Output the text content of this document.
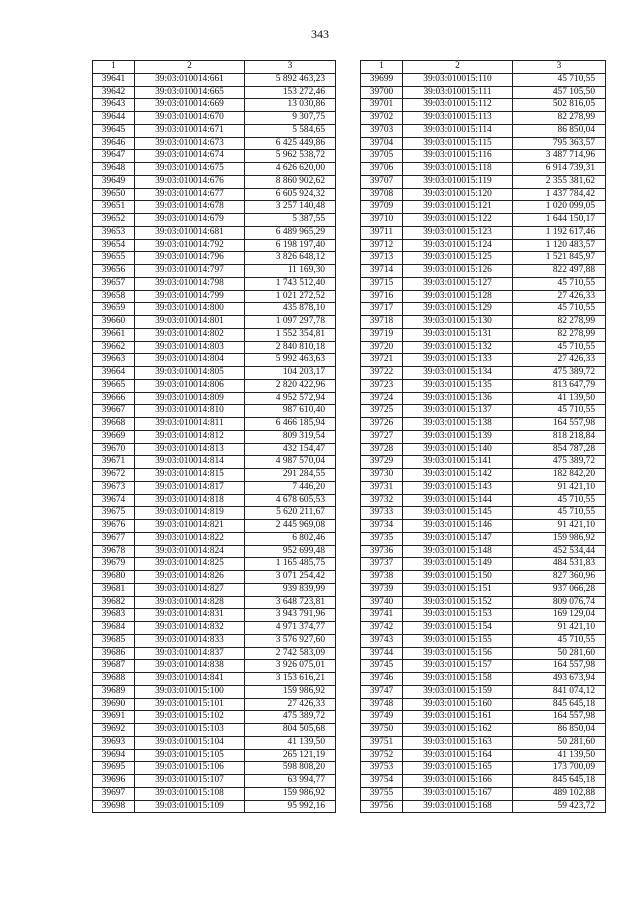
343
1	2	3
39641	39:03:010014:661	5 892 463,23
39642	39:03:010014:665	153 272,46
39643	39:03:010014:669	13 030,86
39644	39:03:010014:670	9 307,75
39645	39:03:010014:671	5 584,65
39646	39:03:010014:673	6 425 449,86
39647	39:03:010014:674	5 962 538,72
39648	39:03:010014:675	4 626 620,00
39649	39:03:010014:676	8 860 902,62
39650	39:03:010014:677	6 605 924,32
39651	39:03:010014:678	3 257 140,48
39652	39:03:010014:679	5 387,55
39653	39:03:010014:681	6 489 965,29
39654	39:03:010014:792	6 198 197,40
39655	39:03:010014:796	3 826 648,12
39656	39:03:010014:797	11 169,30
39657	39:03:010014:798	1 743 512,40
39658	39:03:010014:799	1 021 272,52
39659	39:03:010014:800	435 878,10
39660	39:03:010014:801	1 097 297,78
39661	39:03:010014:802	1 552 354,81
39662	39:03:010014:803	2 840 810,18
39663	39:03:010014:804	5 992 463,63
39664	39:03:010014:805	104 203,17
39665	39:03:010014:806	2 820 422,96
39666	39:03:010014:809	4 952 572,94
39667	39:03:010014:810	987 610,40
39668	39:03:010014:811	6 466 185,94
39669	39:03:010014:812	809 319,54
39670	39:03:010014:813	432 154,47
39671	39:03:010014:814	4 987 570,04
39672	39:03:010014:815	291 284,55
39673	39:03:010014:817	7 446,20
39674	39:03:010014:818	4 678 605,53
39675	39:03:010014:819	5 620 211,67
39676	39:03:010014:821	2 445 969,08
39677	39:03:010014:822	6 802,46
39678	39:03:010014:824	952 699,48
39679	39:03:010014:825	1 165 485,75
39680	39:03:010014:826	3 071 254,42
39681	39:03:010014:827	939 839,99
39682	39:03:010014:828	3 648 723,81
39683	39:03:010014:831	3 943 791,96
39684	39:03:010014:832	4 971 374,77
39685	39:03:010014:833	3 576 927,60
39686	39:03:010014:837	2 742 583,09
39687	39:03:010014:838	3 926 075,01
39688	39:03:010014:841	3 153 616,21
39689	39:03:010015:100	159 986,92
39690	39:03:010015:101	27 426,33
39691	39:03:010015:102	475 389,72
39692	39:03:010015:103	804 505,68
39693	39:03:010015:104	41 139,50
39694	39:03:010015:105	265 121,19
39695	39:03:010015:106	598 808,20
39696	39:03:010015:107	63 994,77
39697	39:03:010015:108	159 986,92
39698	39:03:010015:109	95 992,16
1	2	3
39699	39:03:010015:110	45 710,55
39700	39:03:010015:111	457 105,50
39701	39:03:010015:112	502 816,05
39702	39:03:010015:113	82 278,99
39703	39:03:010015:114	86 850,04
39704	39:03:010015:115	795 363,57
39705	39:03:010015:116	3 487 714,96
39706	39:03:010015:118	6 914 739,31
39707	39:03:010015:119	2 355 381,62
39708	39:03:010015:120	1 437 784,42
39709	39:03:010015:121	1 020 099,05
39710	39:03:010015:122	1 644 150,17
39711	39:03:010015:123	1 192 617,46
39712	39:03:010015:124	1 120 483,57
39713	39:03:010015:125	1 521 845,97
39714	39:03:010015:126	822 497,88
39715	39:03:010015:127	45 710,55
39716	39:03:010015:128	27 426,33
39717	39:03:010015:129	45 710,55
39718	39:03:010015:130	82 278,99
39719	39:03:010015:131	82 278,99
39720	39:03:010015:132	45 710,55
39721	39:03:010015:133	27 426,33
39722	39:03:010015:134	475 389,72
39723	39:03:010015:135	813 647,79
39724	39:03:010015:136	41 139,50
39725	39:03:010015:137	45 710,55
39726	39:03:010015:138	164 557,98
39727	39:03:010015:139	818 218,84
39728	39:03:010015:140	854 787,28
39729	39:03:010015:141	475 389,72
39730	39:03:010015:142	182 842,20
39731	39:03:010015:143	91 421,10
39732	39:03:010015:144	45 710,55
39733	39:03:010015:145	45 710,55
39734	39:03:010015:146	91 421,10
39735	39:03:010015:147	159 986,92
39736	39:03:010015:148	452 534,44
39737	39:03:010015:149	484 531,83
39738	39:03:010015:150	827 360,96
39739	39:03:010015:151	937 066,28
39740	39:03:010015:152	809 076,74
39741	39:03:010015:153	169 129,04
39742	39:03:010015:154	91 421,10
39743	39:03:010015:155	45 710,55
39744	39:03:010015:156	50 281,60
39745	39:03:010015:157	164 557,98
39746	39:03:010015:158	493 673,94
39747	39:03:010015:159	841 074,12
39748	39:03:010015:160	845 645,18
39749	39:03:010015:161	164 557,98
39750	39:03:010015:162	86 850,04
39751	39:03:010015:163	50 281,60
39752	39:03:010015:164	41 139,50
39753	39:03:010015:165	173 700,09
39754	39:03:010015:166	845 645,18
39755	39:03:010015:167	489 102,88
39756	39:03:010015:168	59 423,72
